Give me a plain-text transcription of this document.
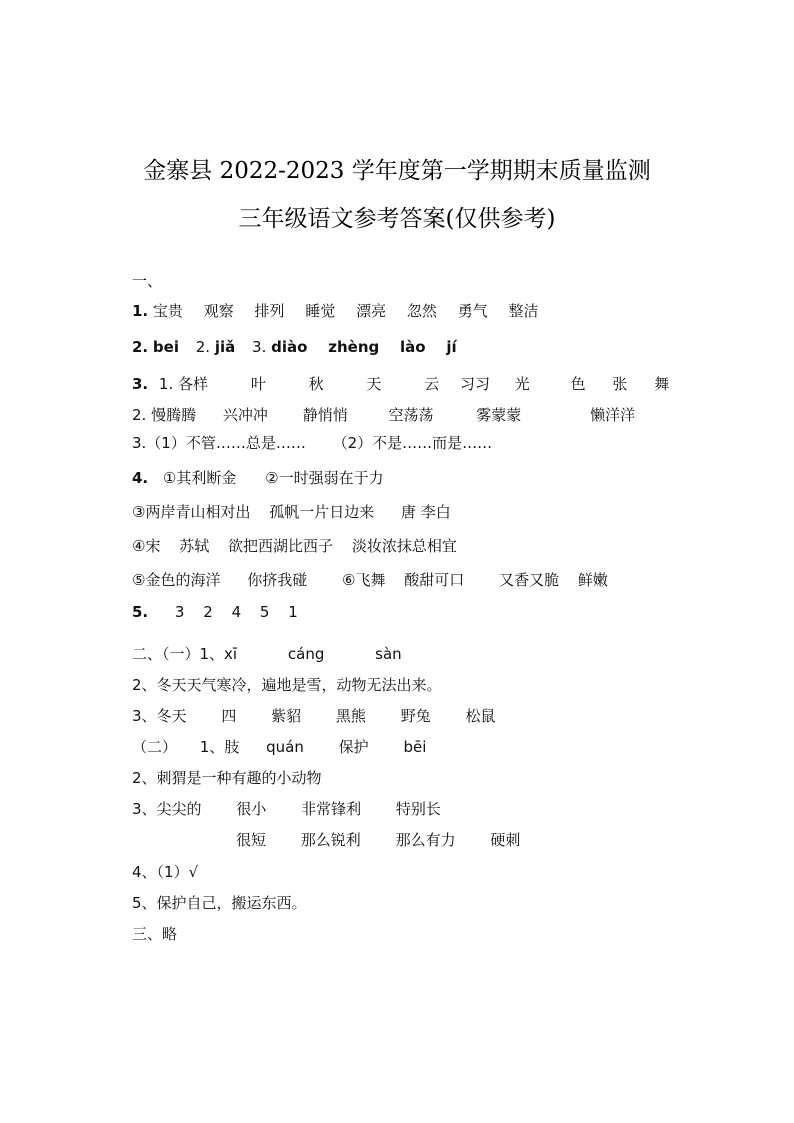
金寨县 2022-2023 学年度第一学期期末质量监测
三年级语文参考答案(仅供参考)
一、
1. 宝贵 观察 排列 睡觉 漂亮 忽然 勇气 整洁
2. bei 2. jiǎ 3. diào zhèng lào jí
3. 1. 各样	叶	秋	天	云 习习 光	色 张 舞
2. 慢腾腾 兴冲冲 静悄悄	空荡荡	雾蒙蒙	懒洋洋
3.（1）不管……总是…… （2）不是……而是……
4. ①其利断金 ②一时强弱在于力
③两岸青山相对出 孤帆一片日边来 唐 李白
④宋 苏轼 欲把西湖比西子 淡妆浓抹总相宜
⑤金色的海洋 你挤我碰 ⑥飞舞 酸甜可口 又香又脆 鲜嫩
5. 3 2 4 5 1
二、（一）1、xī	cáng	sàn
2、冬天天气寒冷，遍地是雪，动物无法出来。
3、冬天 四 紫貂 黑熊 野兔 松鼠
（二） 1、肢 quán 保护 bēi
2、刺猬是一种有趣的小动物
3、尖尖的 很小 非常锋利 特别长
很短 那么锐利 那么有力 硬刺
4、（1）√
5、保护自己，搬运东西。
三、略
